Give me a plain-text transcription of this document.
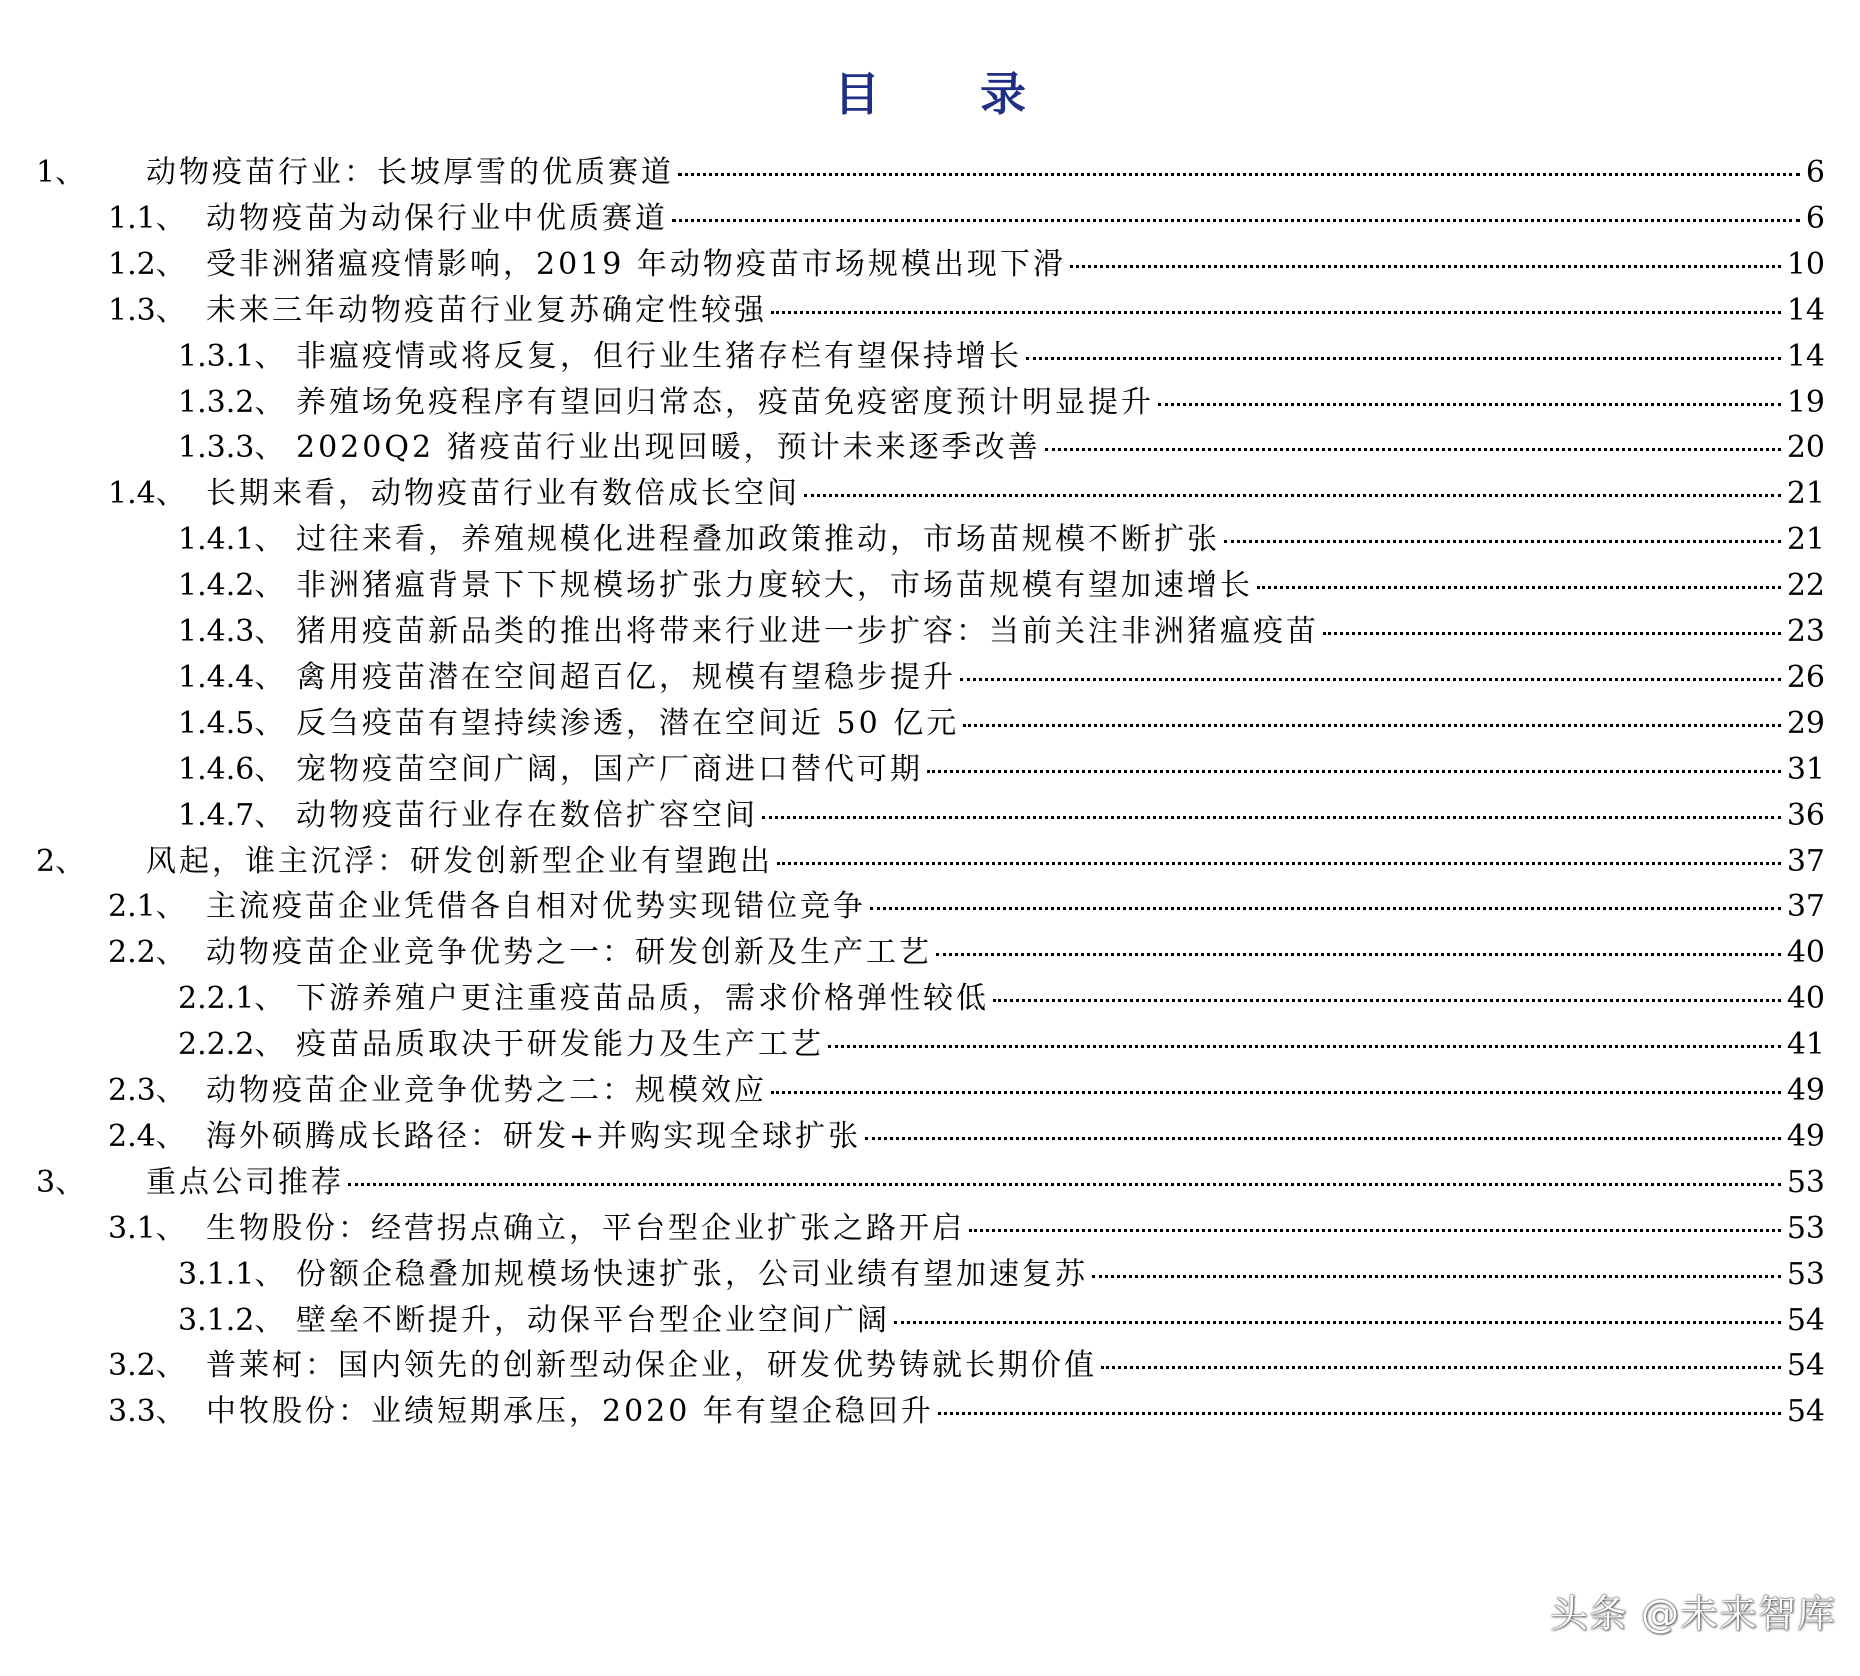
目 录
1、	动物疫苗行业：长坡厚雪的优质赛道	6
1.1、 动物疫苗为动保行业中优质赛道	6
1.2、 受非洲猪瘟疫情影响，2019 年动物疫苗市场规模出现下滑	10
1.3、 未来三年动物疫苗行业复苏确定性较强	14
1.3.1、 非瘟疫情或将反复，但行业生猪存栏有望保持增长	14
1.3.2、 养殖场免疫程序有望回归常态，疫苗免疫密度预计明显提升	19
1.3.3、 2020Q2 猪疫苗行业出现回暖，预计未来逐季改善	20
1.4、 长期来看，动物疫苗行业有数倍成长空间	21
1.4.1、 过往来看，养殖规模化进程叠加政策推动，市场苗规模不断扩张	21
1.4.2、 非洲猪瘟背景下下规模场扩张力度较大，市场苗规模有望加速增长	22
1.4.3、 猪用疫苗新品类的推出将带来行业进一步扩容：当前关注非洲猪瘟疫苗	23
1.4.4、 禽用疫苗潜在空间超百亿，规模有望稳步提升	26
1.4.5、 反刍疫苗有望持续渗透，潜在空间近 50 亿元	29
1.4.6、 宠物疫苗空间广阔，国产厂商进口替代可期	31
1.4.7、 动物疫苗行业存在数倍扩容空间	36
2、	风起，谁主沉浮：研发创新型企业有望跑出	37
2.1、 主流疫苗企业凭借各自相对优势实现错位竞争	37
2.2、 动物疫苗企业竞争优势之一：研发创新及生产工艺	40
2.2.1、 下游养殖户更注重疫苗品质，需求价格弹性较低	40
2.2.2、 疫苗品质取决于研发能力及生产工艺	41
2.3、 动物疫苗企业竞争优势之二：规模效应	49
2.4、 海外硕腾成长路径：研发+并购实现全球扩张	49
3、	重点公司推荐	53
3.1、 生物股份：经营拐点确立，平台型企业扩张之路开启	53
3.1.1、 份额企稳叠加规模场快速扩张，公司业绩有望加速复苏	53
3.1.2、 壁垒不断提升，动保平台型企业空间广阔	54
3.2、 普莱柯：国内领先的创新型动保企业，研发优势铸就长期价值	54
3.3、 中牧股份：业绩短期承压，2020 年有望企稳回升	54
头条 @未来智库
